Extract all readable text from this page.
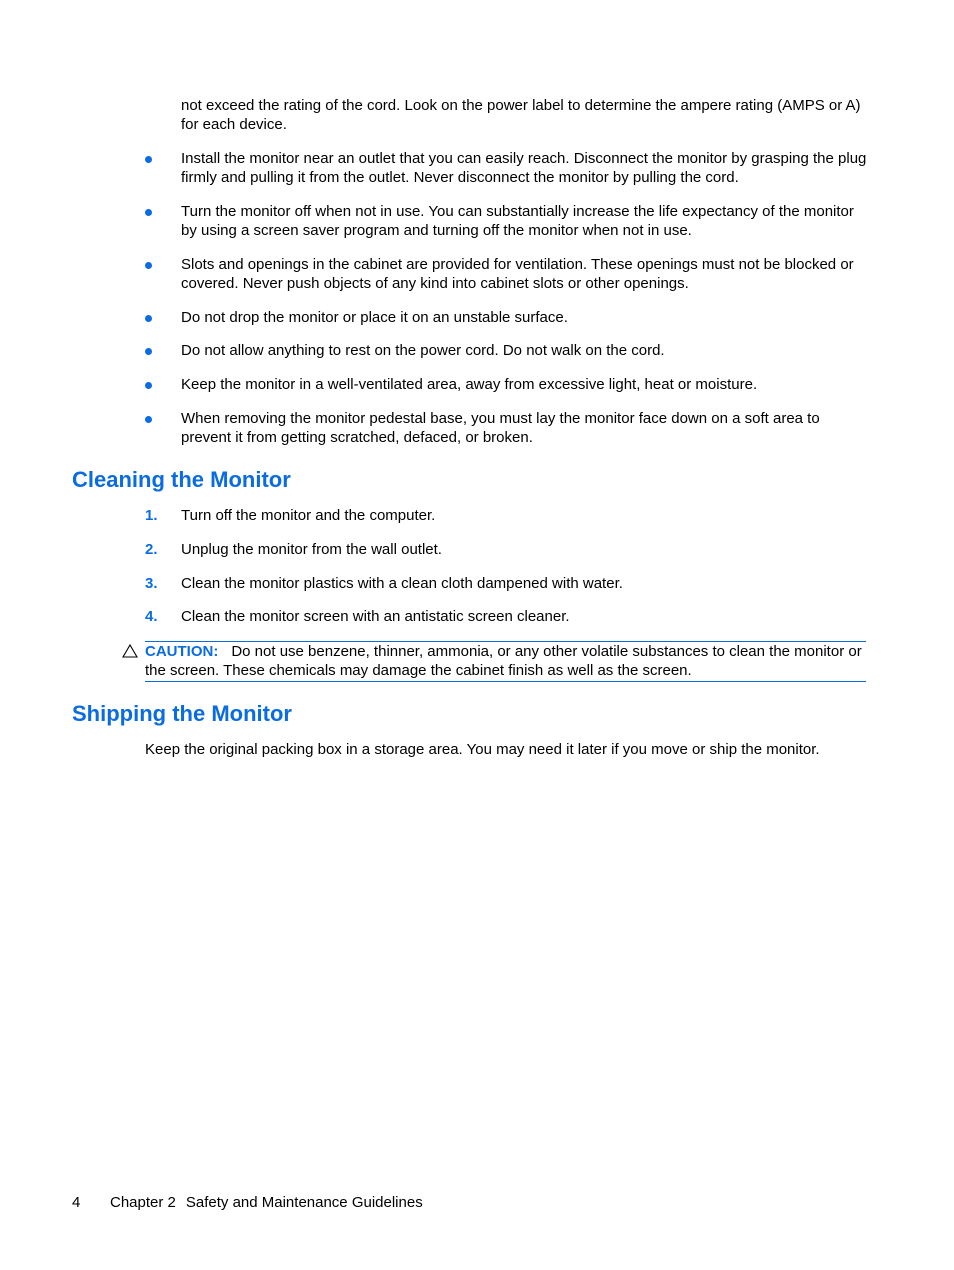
not exceed the rating of the cord. Look on the power label to determine the ampere rating (AMPS or A) for each device.
Install the monitor near an outlet that you can easily reach. Disconnect the monitor by grasping the plug firmly and pulling it from the outlet. Never disconnect the monitor by pulling the cord.
Turn the monitor off when not in use. You can substantially increase the life expectancy of the monitor by using a screen saver program and turning off the monitor when not in use.
Slots and openings in the cabinet are provided for ventilation. These openings must not be blocked or covered. Never push objects of any kind into cabinet slots or other openings.
Do not drop the monitor or place it on an unstable surface.
Do not allow anything to rest on the power cord. Do not walk on the cord.
Keep the monitor in a well-ventilated area, away from excessive light, heat or moisture.
When removing the monitor pedestal base, you must lay the monitor face down on a soft area to prevent it from getting scratched, defaced, or broken.
Cleaning the Monitor
1. Turn off the monitor and the computer.
2. Unplug the monitor from the wall outlet.
3. Clean the monitor plastics with a clean cloth dampened with water.
4. Clean the monitor screen with an antistatic screen cleaner.
CAUTION: Do not use benzene, thinner, ammonia, or any other volatile substances to clean the monitor or the screen. These chemicals may damage the cabinet finish as well as the screen.
Shipping the Monitor
Keep the original packing box in a storage area. You may need it later if you move or ship the monitor.
4 Chapter 2 Safety and Maintenance Guidelines
